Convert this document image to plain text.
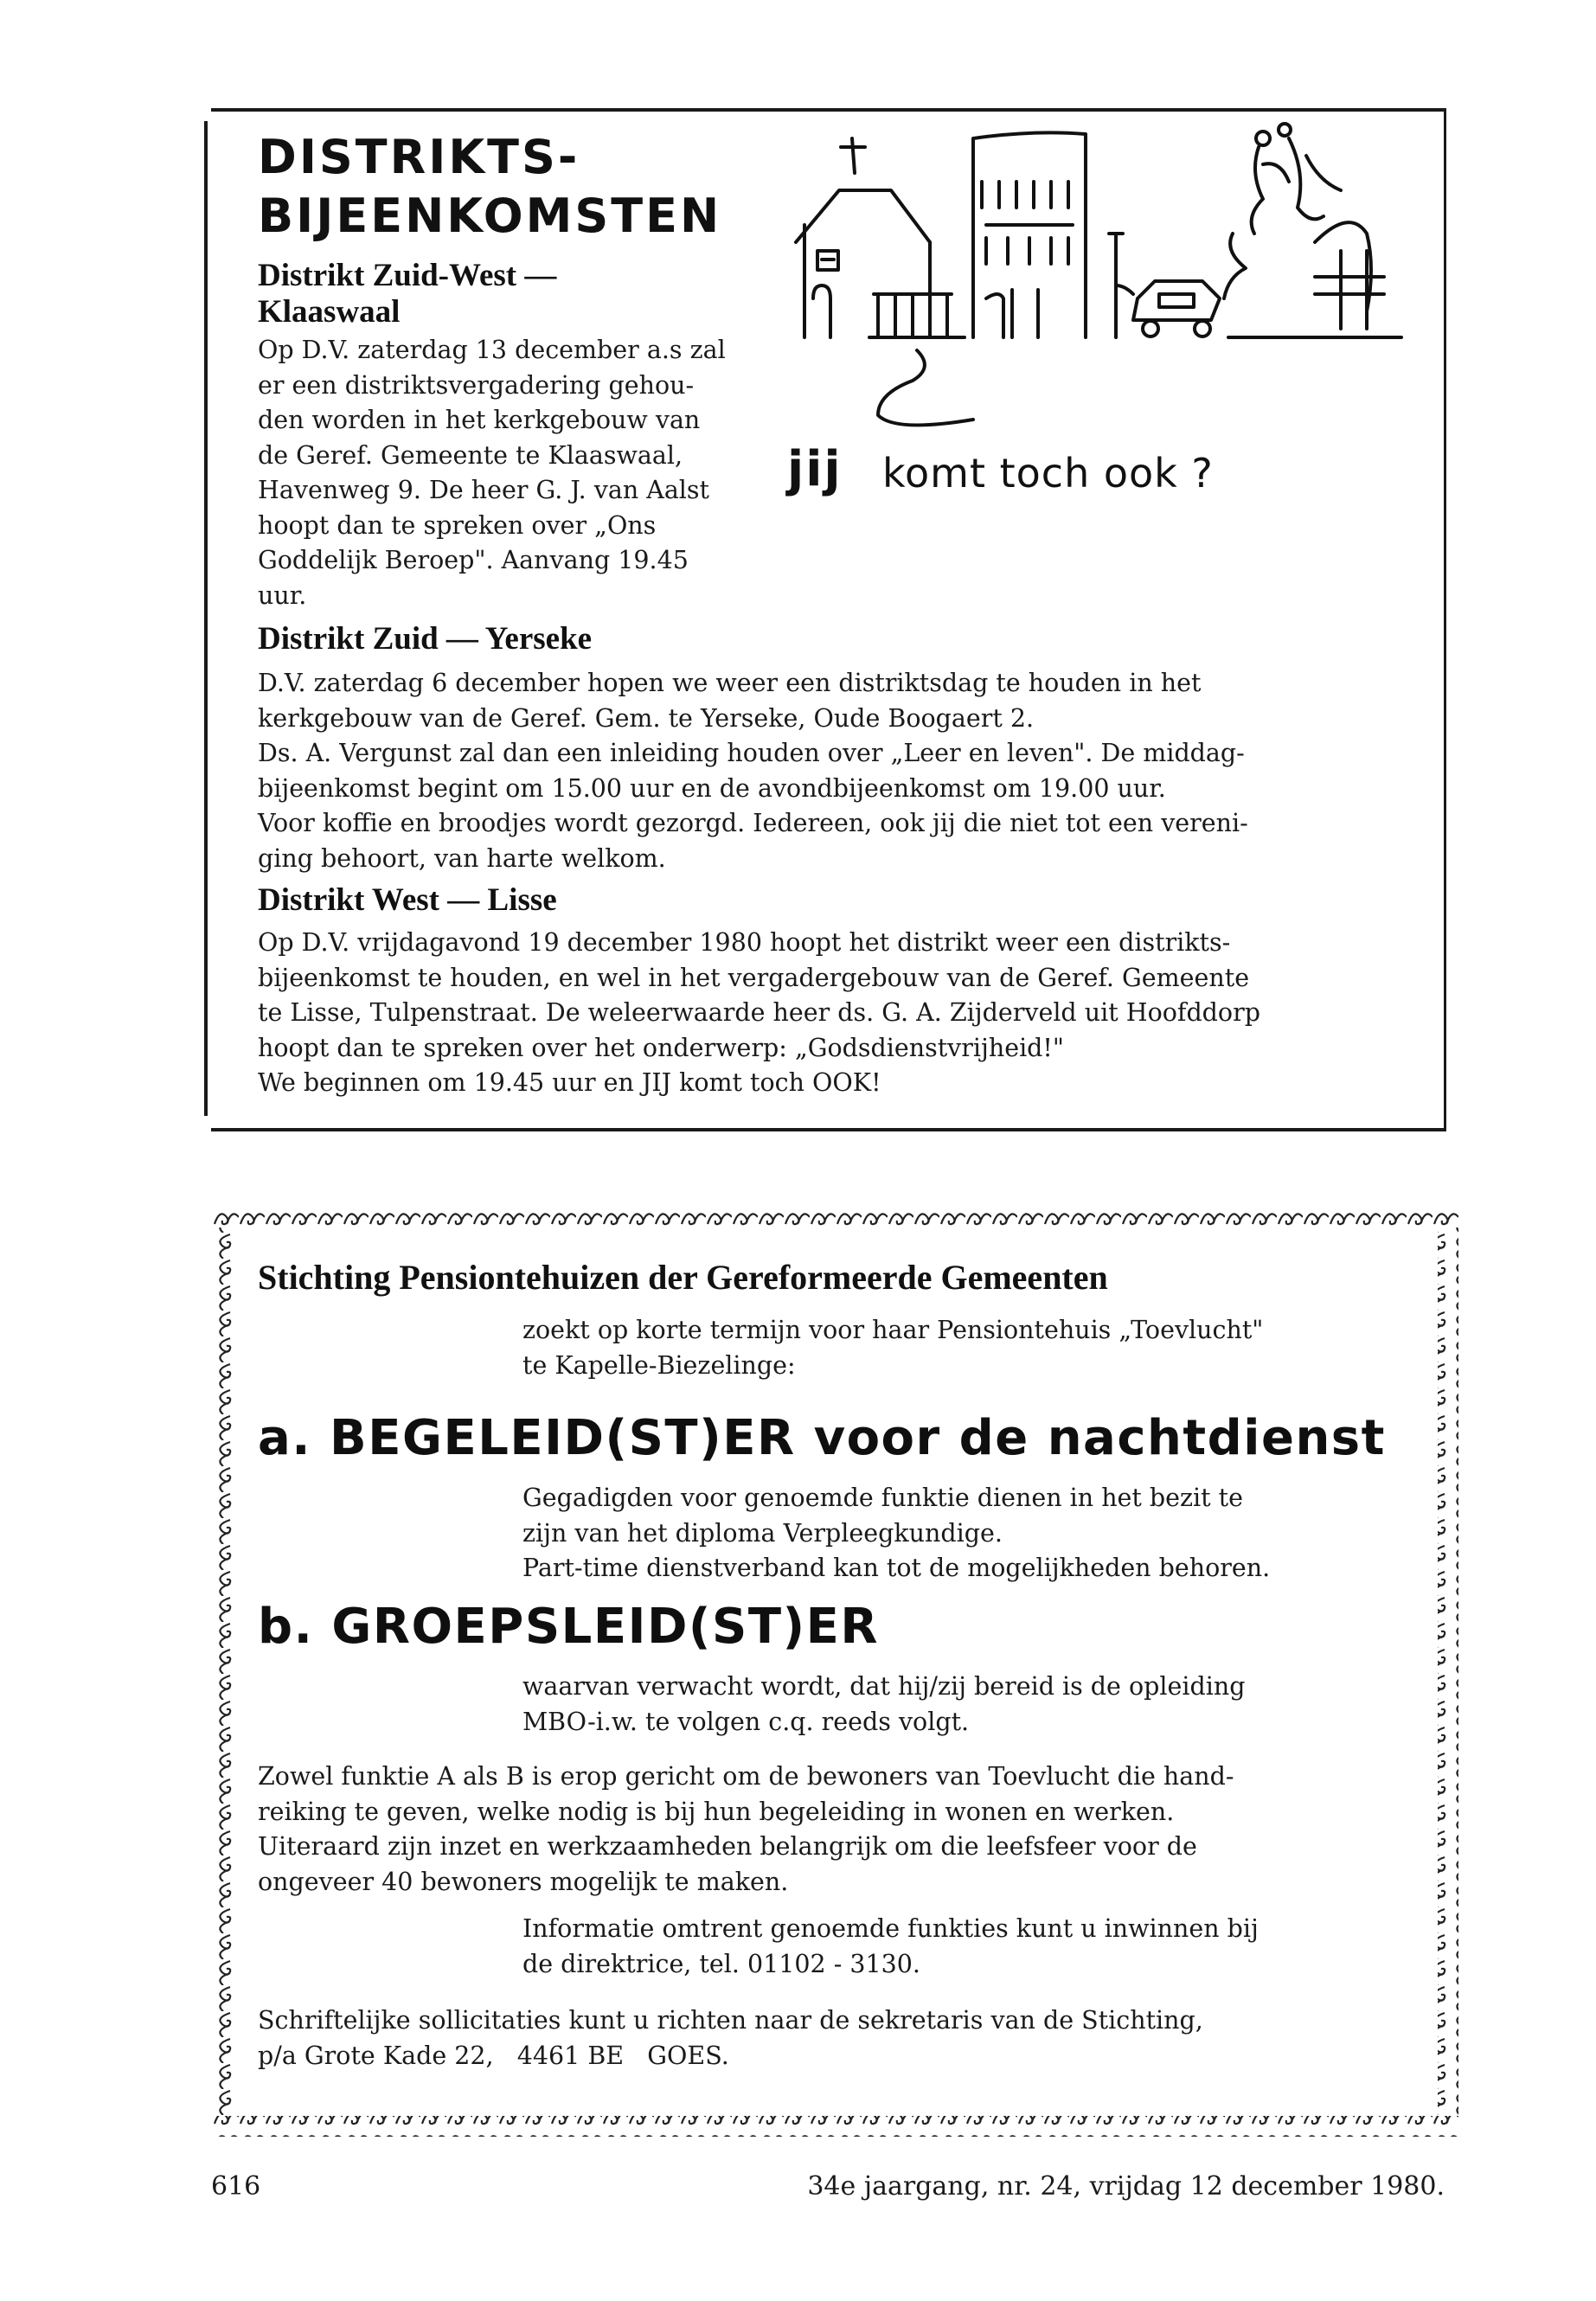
DISTRIKTS-
BIJEENKOMSTEN
Distrikt Zuid-West —
Klaaswaal

Op D.V. zaterdag 13 december a.s zal
er een distriktsvergadering gehou-
den worden in het kerkgebouw van
de Geref. Gemeente te Klaaswaal,
Havenweg 9. De heer G. J. van Aalst
hoopt dan te spreken over „Ons
Goddelijk Beroep". Aanvang 19.45
uur.

jij komt toch ook ?
Distrikt Zuid — Yerseke

D.V. zaterdag 6 december hopen we weer een distriktsdag te houden in het
kerkgebouw van de Geref. Gem. te Yerseke, Oude Boogaert 2.
Ds. A. Vergunst zal dan een inleiding houden over „Leer en leven". De middag-
bijeenkomst begint om 15.00 uur en de avondbijeenkomst om 19.00 uur.
Voor koffie en broodjes wordt gezorgd. Iedereen, ook jij die niet tot een vereni-
ging behoort, van harte welkom.

Distrikt West — Lisse

Op D.V. vrijdagavond 19 december 1980 hoopt het distrikt weer een distrikts-
bijeenkomst te houden, en wel in het vergadergebouw van de Geref. Gemeente
te Lisse, Tulpenstraat. De weleerwaarde heer ds. G. A. Zijderveld uit Hoofddorp
hoopt dan te spreken over het onderwerp: „Godsdienstvrijheid!"
We beginnen om 19.45 uur en JIJ komt toch OOK!

Stichting Pensiontehuizen der Gereformeerde Gemeenten

zoekt op korte termijn voor haar Pensiontehuis „Toevlucht"
te Kapelle-Biezelinge:

a. BEGELEID(ST)ER voor de nachtdienst

Gegadigden voor genoemde funktie dienen in het bezit te
zijn van het diploma Verpleegkundige.
Part-time dienstverband kan tot de mogelijkheden behoren.

b. GROEPSLEID(ST)ER

waarvan verwacht wordt, dat hij/zij bereid is de opleiding
MBO-i.w. te volgen c.q. reeds volgt.

Zowel funktie A als B is erop gericht om de bewoners van Toevlucht die hand-
reiking te geven, welke nodig is bij hun begeleiding in wonen en werken.
Uiteraard zijn inzet en werkzaamheden belangrijk om die leefsfeer voor de
ongeveer 40 bewoners mogelijk te maken.

Informatie omtrent genoemde funkties kunt u inwinnen bij
de direktrice, tel. 01102 - 3130.

Schriftelijke sollicitaties kunt u richten naar de sekretaris van de Stichting,
p/a Grote Kade 22,   4461 BE   GOES.

616	34e jaargang, nr. 24, vrijdag 12 december 1980.
